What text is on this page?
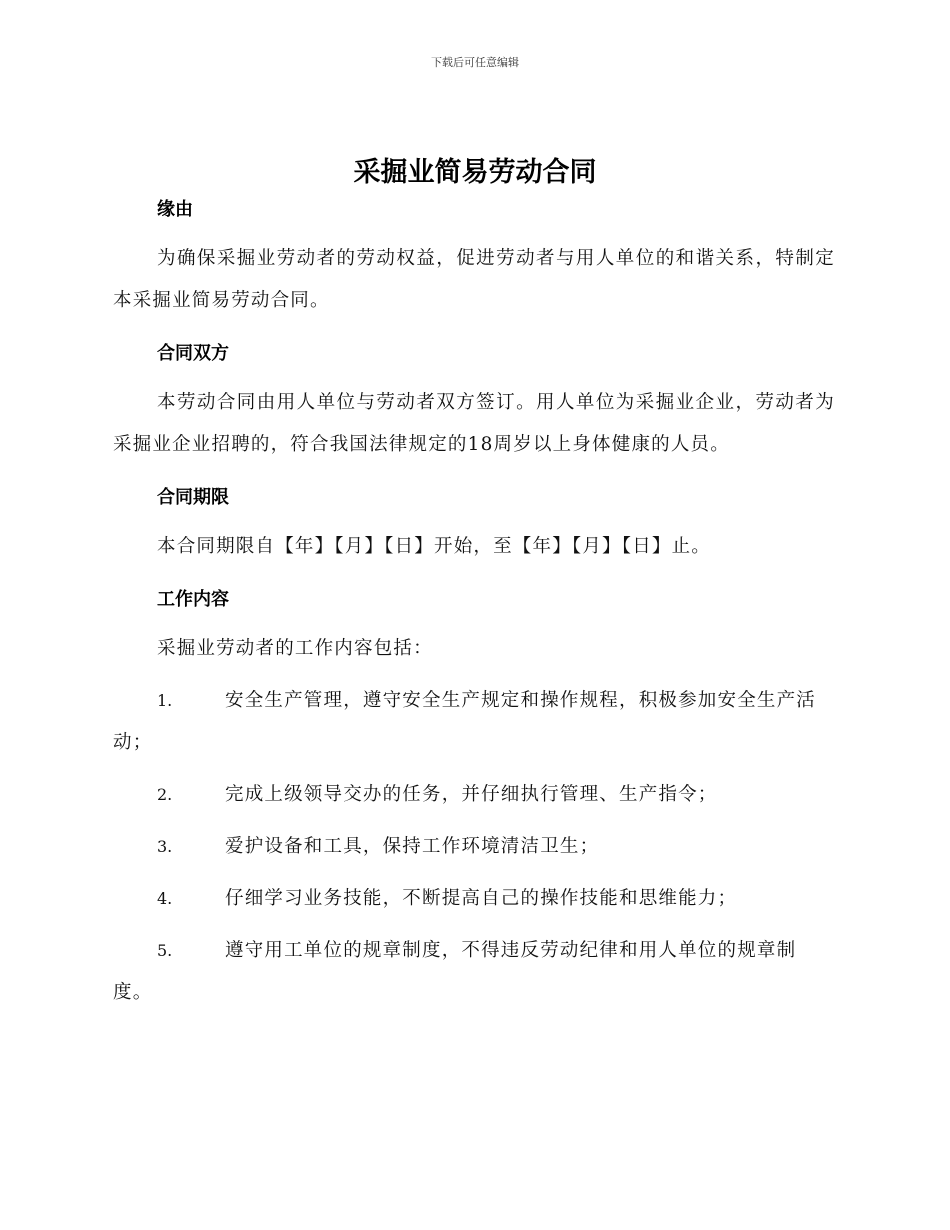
下载后可任意编辑
采掘业简易劳动合同

缘由

为确保采掘业劳动者的劳动权益，促进劳动者与用人单位的和谐关系，特制定本采掘业简易劳动合同。

合同双方

本劳动合同由用人单位与劳动者双方签订。用人单位为采掘业企业，劳动者为采掘业企业招聘的，符合我国法律规定的18周岁以上身体健康的人员。

合同期限

本合同期限自【年】【月】【日】开始，至【年】【月】【日】止。

工作内容

采掘业劳动者的工作内容包括：

1.	安全生产管理，遵守安全生产规定和操作规程，积极参加安全生产活动；

2.	完成上级领导交办的任务，并仔细执行管理、生产指令；

3.	爱护设备和工具，保持工作环境清洁卫生；

4.	仔细学习业务技能，不断提高自己的操作技能和思维能力；

5.	遵守用工单位的规章制度，不得违反劳动纪律和用人单位的规章制度。
